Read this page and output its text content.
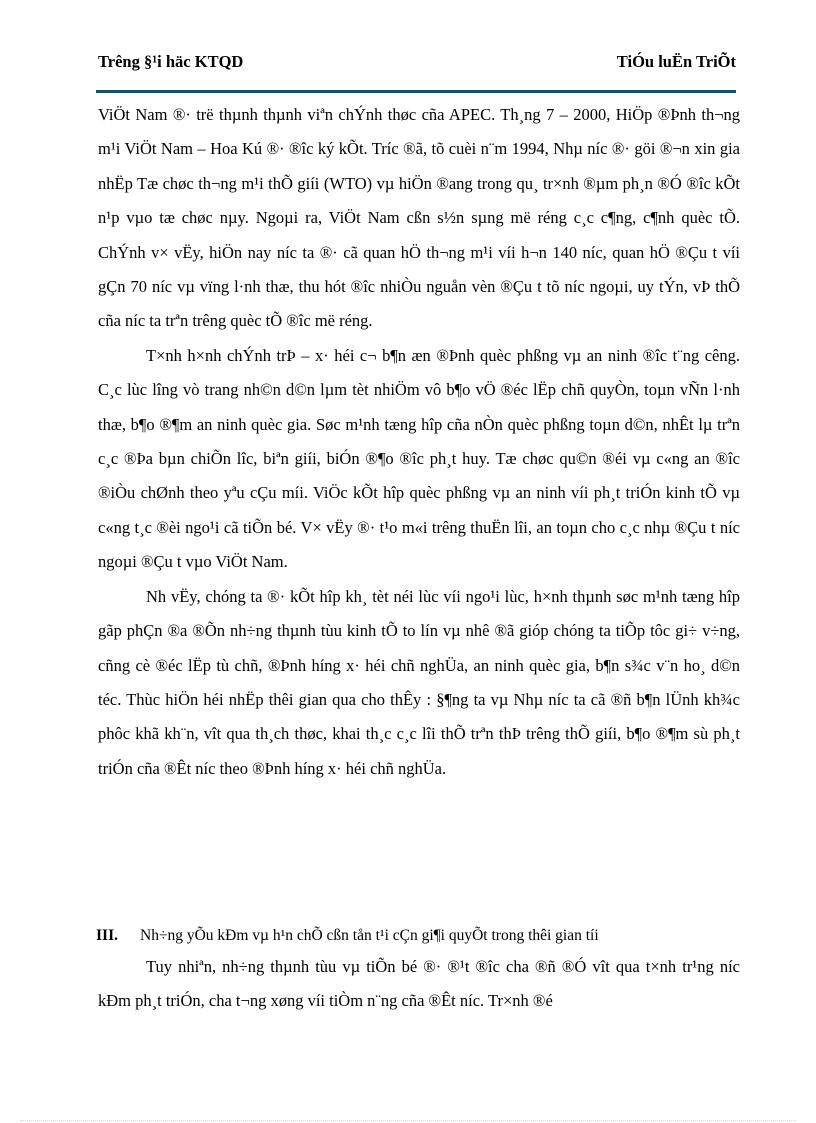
Trêng §¹i häc KTQD	TiÓu luËn TriÕt

ViÖt Nam ®· trë thµnh thµnh viªn chÝnh thøc cña APEC. Th¸ng 7 – 2000, HiÖp ®Þnh th¬ng m¹i ViÖt Nam – Hoa Kú ®· ®îc ký kÕt. Tríc ®ã, tõ cuèi n¨m 1994, Nhµ níc ®· göi ®¬n xin gia nhËp Tæ chøc th¬ng m¹i thÕ giíi (WTO) vµ hiÖn ®ang trong qu¸ tr×nh ®µm ph¸n ®Ó ®îc kÕt n¹p vµo tæ chøc nµy. Ngoµi ra, ViÖt Nam cßn s½n sµng më réng c¸c c¶ng, c¶nh quèc tÕ. ChÝnh v× vËy, hiÖn nay níc ta ®· cã quan hÖ th¬ng m¹i víi h¬n 140 níc, quan hÖ ®Çu t víi gÇn 70 níc vµ vïng l·nh thæ, thu hót ®îc nhiÒu nguån vèn ®Çu t tõ níc ngoµi, uy tÝn, vÞ thÕ cña níc ta trªn trêng quèc tÕ ®îc më réng.

T×nh h×nh chÝnh trÞ – x· héi c¬ b¶n æn ®Þnh quèc phßng vµ an ninh ®îc t¨ng cêng. C¸c lùc lîng vò trang nh©n d©n lµm tèt nhiÖm vô b¶o vÖ ®éc lËp chñ quyÒn, toµn vÑn l·nh thæ, b¶o ®¶m an ninh quèc gia. Søc m¹nh tæng hîp cña nÒn quèc phßng toµn d©n, nhÊt lµ trªn c¸c ®Þa bµn chiÕn lîc, biªn giíi, biÓn ®¶o ®îc ph¸t huy. Tæ chøc qu©n ®éi vµ c«ng an ®îc ®iÒu chØnh theo yªu cÇu míi. ViÖc kÕt hîp quèc phßng vµ an ninh víi ph¸t triÓn kinh tÕ vµ c«ng t¸c ®èi ngo¹i cã tiÕn bé. V× vËy ®· t¹o m«i trêng thuËn lîi, an toµn cho c¸c nhµ ®Çu t níc ngoµi ®Çu t vµo ViÖt Nam.

Nh vËy, chóng ta ®· kÕt hîp kh¸ tèt néi lùc víi ngo¹i lùc, h×nh thµnh søc m¹nh tæng hîp gãp phÇn ®a ®Õn nh÷ng thµnh tùu kinh tÕ to lín vµ nhê ®ã gióp chóng ta tiÕp tôc gi÷ v÷ng, cñng cè ®éc lËp tù chñ, ®Þnh híng x· héi chñ nghÜa, an ninh quèc gia, b¶n s¾c v¨n ho¸ d©n téc. Thùc hiÖn héi nhËp thêi gian qua cho thÊy : §¶ng ta vµ Nhµ níc ta cã ®ñ b¶n lÜnh kh¾c phôc khã kh¨n, vît qua th¸ch thøc, khai th¸c c¸c lîi thÕ trªn thÞ trêng thÕ giíi, b¶o ®¶m sù ph¸t triÓn cña ®Êt níc theo ®Þnh híng x· héi chñ nghÜa.

III. Nh÷ng yÕu kÐm vµ h¹n chÕ cßn tån t¹i cÇn gi¶i quyÕt trong thêi gian tíi

Tuy nhiªn, nh÷ng thµnh tùu vµ tiÕn bé ®· ®¹t ®îc cha ®ñ ®Ó vît qua t×nh tr¹ng níc kÐm ph¸t triÓn, cha t¬ng xøng víi tiÒm n¨ng cña ®Êt níc. Tr×nh ®é
